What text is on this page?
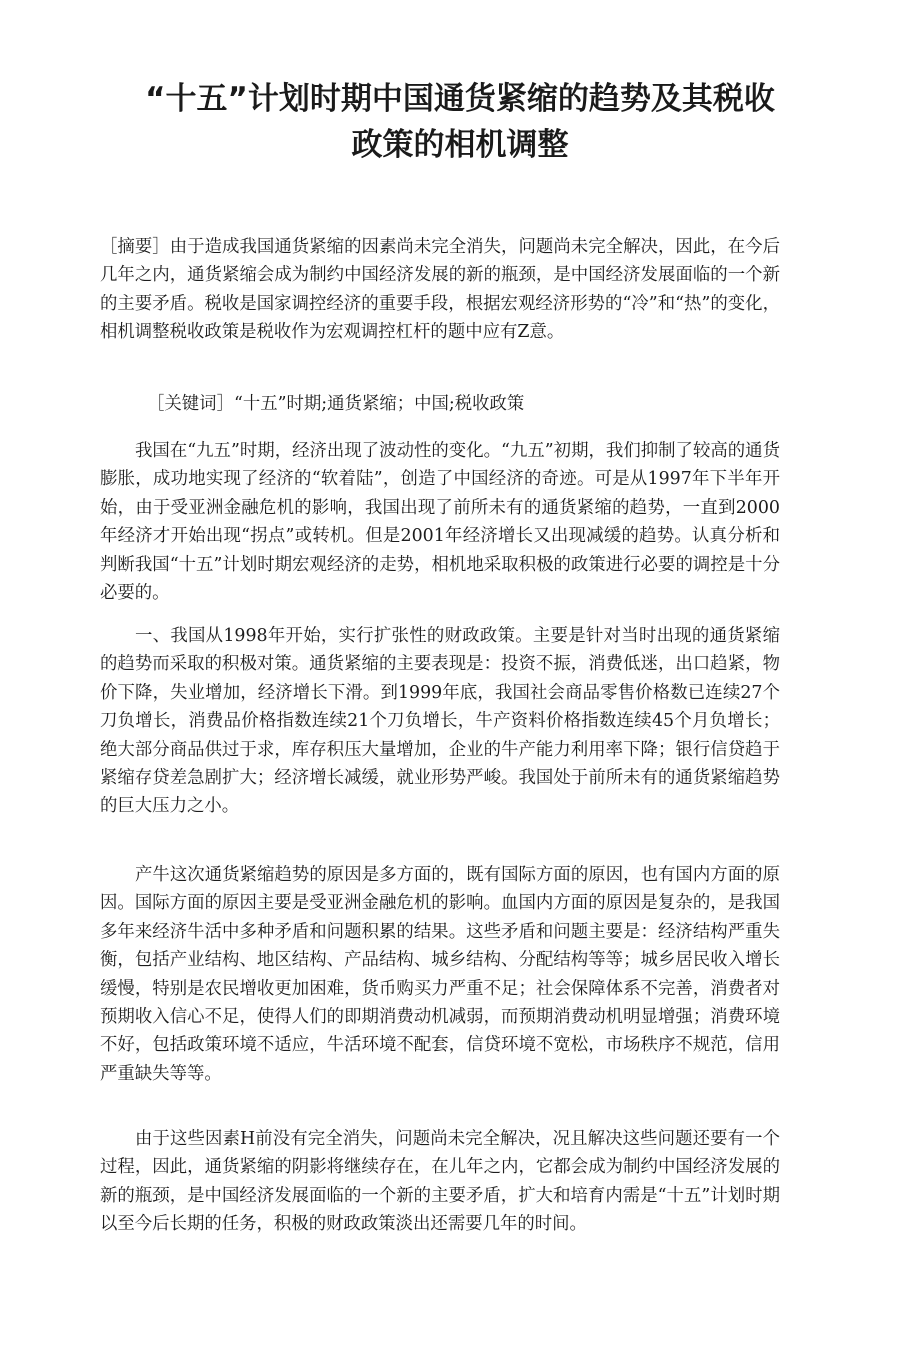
“十五”计划时期中国通货紧缩的趋势及其税收
政策的相机调整

［摘要］由于造成我国通货紧缩的因素尚未完全消失，问题尚未完全解决，因此，在今后几年之内，通货紧缩会成为制约中国经济发展的新的瓶颈，是中国经济发展面临的一个新的主要矛盾。税收是国家调控经济的重要手段，根据宏观经济形势的“冷”和“热”的变化，相机调整税收政策是税收作为宏观调控杠杆的题中应有Z意。

［关键词］“十五”时期;通货紧缩；中国;税收政策

我国在“九五”时期，经济出现了波动性的变化。“九五”初期，我们抑制了较高的通货膨胀，成功地实现了经济的“软着陆”，创造了中国经济的奇迹。可是从1997年下半年开始，由于受亚洲金融危机的影响，我国出现了前所未有的通货紧缩的趋势，一直到2000年经济才开始出现“拐点”或转机。但是2001年经济增长又出现减缓的趋势。认真分析和判断我国“十五”计划时期宏观经济的走势，相机地采取积极的政策进行必要的调控是十分必要的。

一、我国从1998年开始，实行扩张性的财政政策。主要是针对当时出现的通货紧缩的趋势而采取的积极对策。通货紧缩的主要表现是：投资不振，消费低迷，出口趋紧，物价下降，失业增加，经济增长下滑。到1999年底，我国社会商品零售价格数已连续27个刀负增长，消费品价格指数连续21个刀负增长，牛产资料价格指数连续45个月负增长；绝大部分商品供过于求，库存积压大量增加，企业的牛产能力利用率下降；银行信贷趋于紧缩存贷差急剧扩大；经济增长减缓，就业形势严峻。我国处于前所未有的通货紧缩趋势的巨大压力之小。

产牛这次通货紧缩趋势的原因是多方面的，既有国际方面的原因，也有国内方面的原因。国际方面的原因主要是受亚洲金融危机的影响。血国内方面的原因是复杂的，是我国多年来经济牛活中多种矛盾和问题积累的结果。这些矛盾和问题主要是：经济结构严重失衡，包括产业结构、地区结构、产品结构、城乡结构、分配结构等等；城乡居民收入增长缓慢，特别是农民增收更加困难，货币购买力严重不足；社会保障体系不完善，消费者对预期收入信心不足，使得人们的即期消费动机减弱，而预期消费动机明显增强；消费环境不好，包括政策环境不适应，牛活环境不配套，信贷环境不宽松，市场秩序不规范，信用严重缺失等等。

由于这些因素H前没有完全消失，问题尚未完全解决，况且解决这些问题还要有一个过程，因此，通货紧缩的阴影将继续存在，在儿年之内，它都会成为制约中国经济发展的新的瓶颈，是中国经济发展面临的一个新的主要矛盾，扩大和培育内需是“十五”计划时期以至今后长期的任务，积极的财政政策淡出还需要几年的时间。
